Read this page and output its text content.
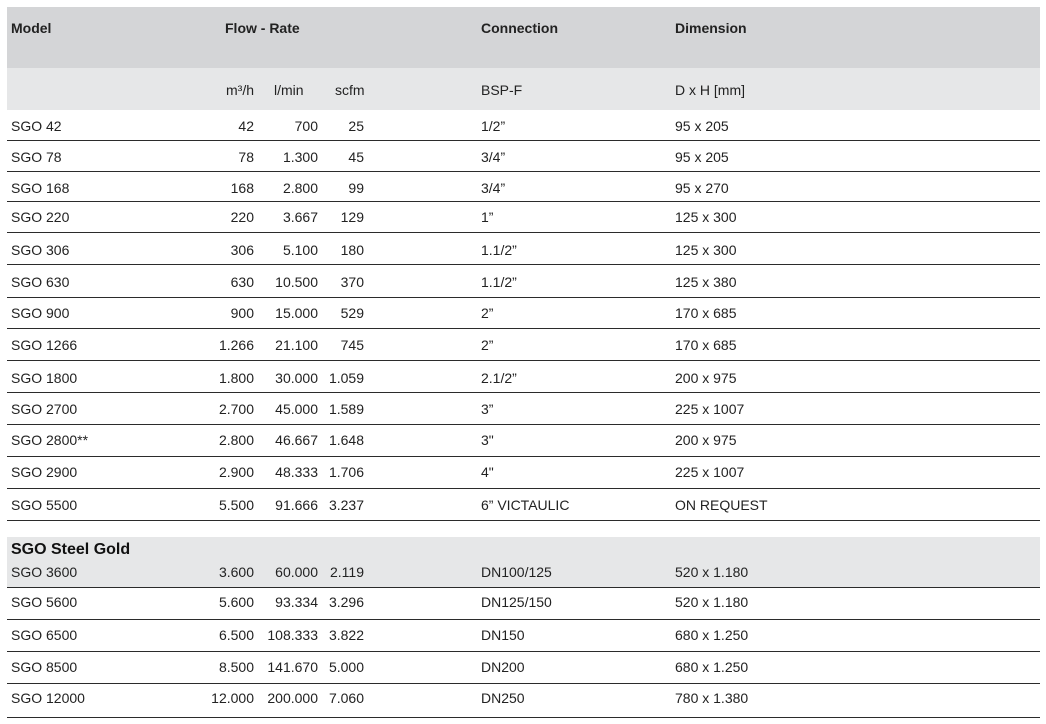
Model	Flow - Rate	Connection	Dimension
m³/h l/min scfm	BSP-F	D x H [mm]
SGO 42	42	700	25	1/2”	95 x 205
SGO 78	78	1.300	45	3/4”	95 x 205
SGO 168	168	2.800	99	3/4”	95 x 270
SGO 220	220	3.667	129	1”	125 x 300
SGO 306	306	5.100	180	1.1/2”	125 x 300
SGO 630	630	10.500	370	1.1/2”	125 x 380
SGO 900	900	15.000	529	2”	170 x 685
SGO 1266	1.266	21.100	745	2”	170 x 685
SGO 1800	1.800	30.000 1.059	2.1/2”	200 x 975
SGO 2700	2.700	45.000 1.589	3”	225 x 1007
SGO 2800**	2.800	46.667 1.648	3"	200 x 975
SGO 2900	2.900	48.333 1.706	4"	225 x 1007
SGO 5500	5.500	91.666 3.237	6” VICTAULIC	ON REQUEST
SGO Steel Gold
SGO 3600	3.600	60.000 2.119	DN100/125	520 x 1.180
SGO 5600	5.600	93.334 3.296	DN125/150	520 x 1.180
SGO 6500	6.500 108.333 3.822	DN150	680 x 1.250
SGO 8500	8.500 141.670 5.000	DN200	680 x 1.250
SGO 12000	12.000 200.000 7.060	DN250	780 x 1.380
